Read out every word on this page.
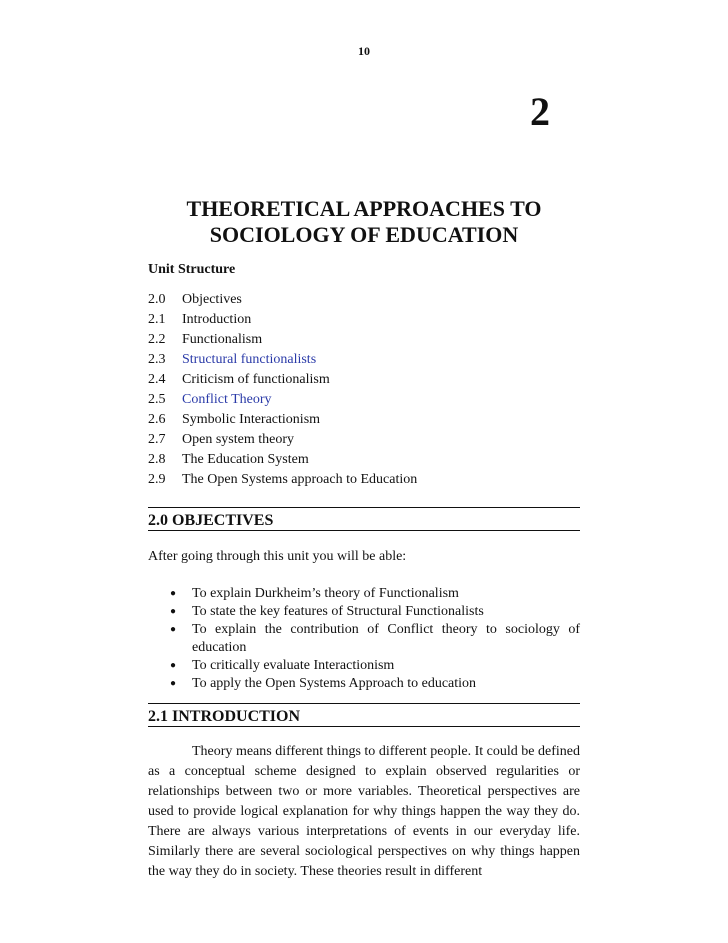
10
2
THEORETICAL APPROACHES TO
SOCIOLOGY OF EDUCATION
Unit Structure
2.0 Objectives
2.1 Introduction
2.2 Functionalism
2.3 Structural functionalists
2.4 Criticism of functionalism
2.5 Conflict Theory
2.6 Symbolic Interactionism
2.7 Open system theory
2.8 The Education System
2.9 The Open Systems approach to Education
2.0 OBJECTIVES
After going through this unit you will be able:
● To explain Durkheim’s theory of Functionalism
● To state the key features of Structural Functionalists
● To explain the contribution of Conflict theory to sociology of education
● To critically evaluate Interactionism
● To apply the Open Systems Approach to education
2.1 INTRODUCTION

Theory means different things to different people. It could be defined as a conceptual scheme designed to explain observed regularities or relationships between two or more variables. Theoretical perspectives are used to provide logical explanation for why things happen the way they do. There are always various interpretations of events in our everyday life. Similarly there are several sociological perspectives on why things happen the way they do in society. These theories result in different
